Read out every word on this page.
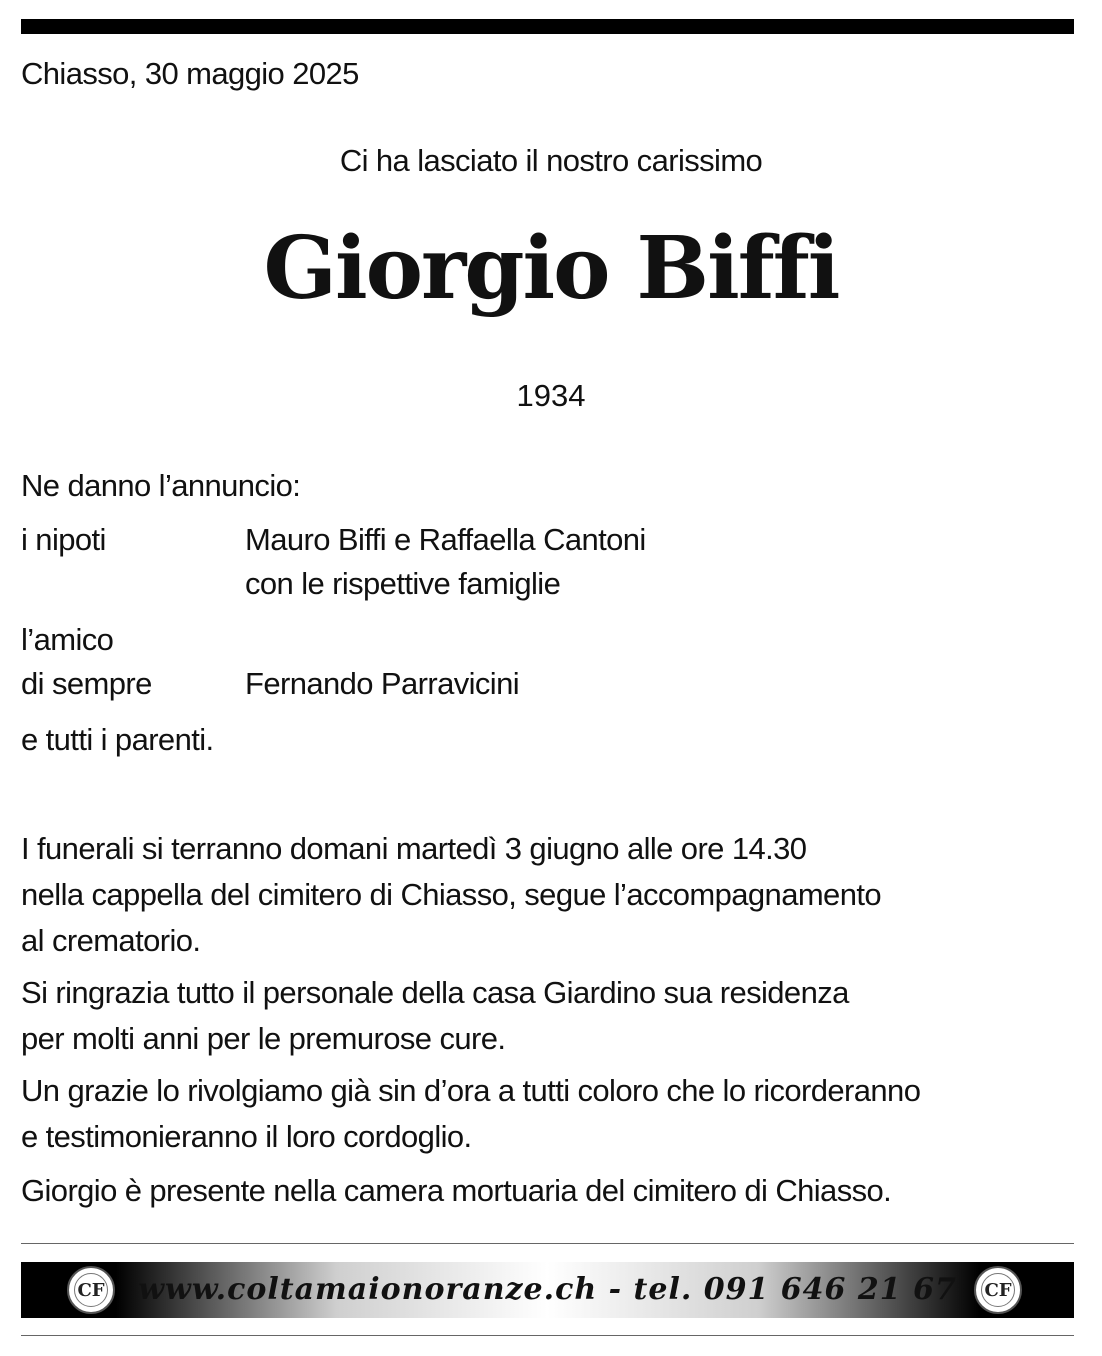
Chiasso, 30 maggio 2025
Ci ha lasciato il nostro carissimo
Giorgio Biffi
1934
Ne danno l’annuncio:
i nipoti	Mauro Biffi e Raffaella Cantoni
con le rispettive famiglie
l’amico
di sempre	Fernando Parravicini
e tutti i parenti.
I funerali si terranno domani martedì 3 giugno alle ore 14.30
nella cappella del cimitero di Chiasso, segue l’accompagnamento
al crematorio.
Si ringrazia tutto il personale della casa Giardino sua residenza
per molti anni per le premurose cure.
Un grazie lo rivolgiamo già sin d’ora a tutti coloro che lo ricorderanno
e testimonieranno il loro cordoglio.
Giorgio è presente nella camera mortuaria del cimitero di Chiasso.
CF	www.coltamaionoranze.ch - tel. 091 646 21 67	CF
